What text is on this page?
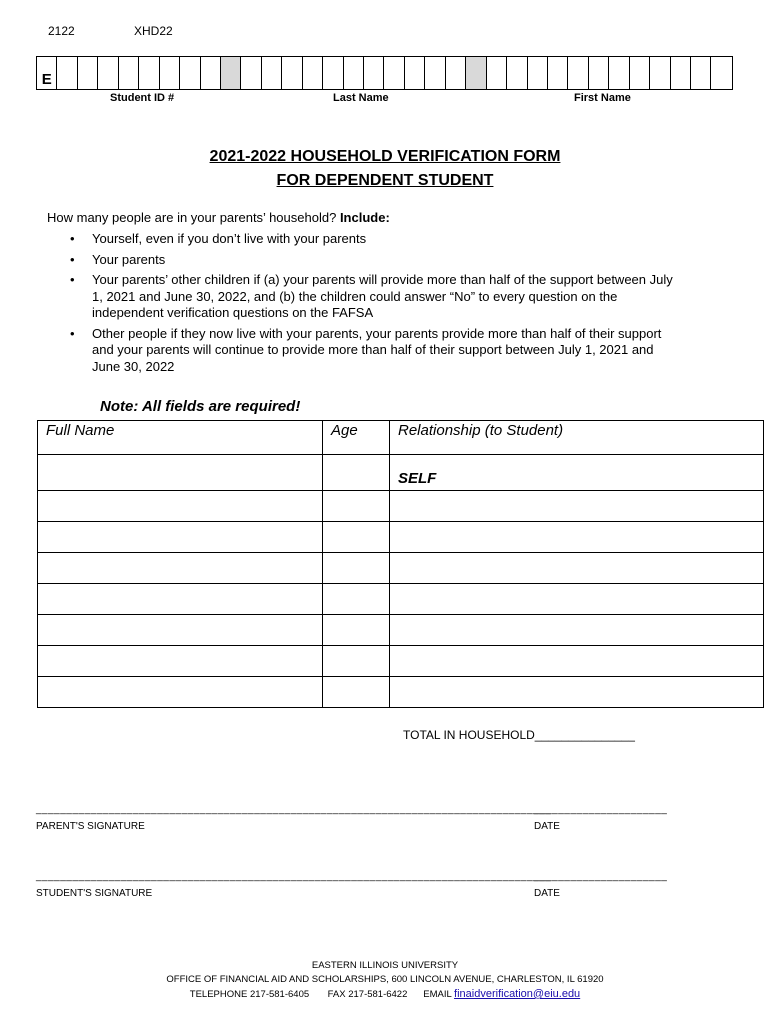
2122	XHD22
E
Student ID #	Last Name	First Name
2021-2022 HOUSEHOLD VERIFICATION FORM
FOR DEPENDENT STUDENT
How many people are in your parents’ household? Include:
• Yourself, even if you don’t live with your parents
• Your parents
• Your parents’ other children if (a) your parents will provide more than half of the support between July 1, 2021 and June 30, 2022, and (b) the children could answer “No” to every question on the independent verification questions on the FAFSA
• Other people if they now live with your parents, your parents provide more than half of their support and your parents will continue to provide more than half of their support between July 1, 2021 and June 30, 2022
Note: All fields are required!
Full Name	Age	Relationship (to Student)
		SELF

TOTAL IN HOUSEHOLD_______________
_____________________________________________________________________________________
______________________
PARENT'S SIGNATURE	DATE
_____________________________________________________________________________________
______________________
STUDENT'S SIGNATURE	DATE
EASTERN ILLINOIS UNIVERSITY
OFFICE OF FINANCIAL AID AND SCHOLARSHIPS, 600 LINCOLN AVENUE, CHARLESTON, IL 61920
TELEPHONE 217-581-6405 FAX 217-581-6422 EMAIL finaidverification@eiu.edu
